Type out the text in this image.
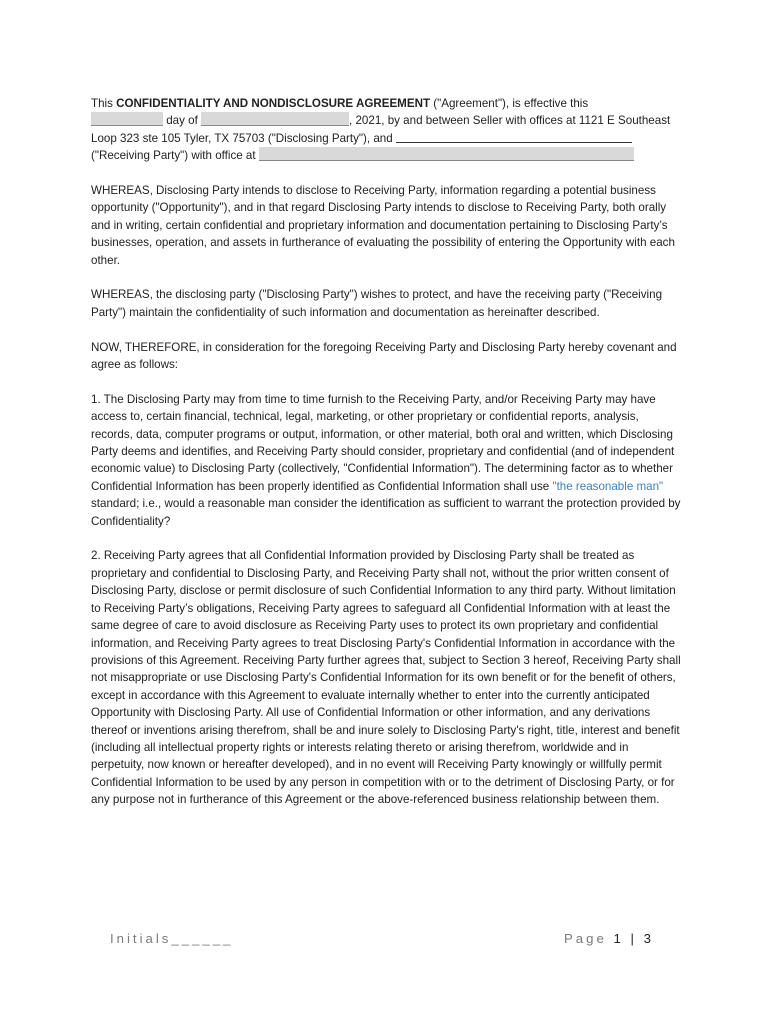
This CONFIDENTIALITY AND NONDISCLOSURE AGREEMENT ("Agreement"), is effective this
day of	, 2021, by and between Seller with offices at 1121 E Southeast Loop 323 ste 105 Tyler, TX 75703 ("Disclosing Party"), and
("Receiving Party") with office at

WHEREAS, Disclosing Party intends to disclose to Receiving Party, information regarding a potential business opportunity ("Opportunity"), and in that regard Disclosing Party intends to disclose to Receiving Party, both orally and in writing, certain confidential and proprietary information and documentation pertaining to Disclosing Party’s businesses, operation, and assets in furtherance of evaluating the possibility of entering the Opportunity with each other.

WHEREAS, the disclosing party ("Disclosing Party") wishes to protect, and have the receiving party ("Receiving Party") maintain the confidentiality of such information and documentation as hereinafter described.

NOW, THEREFORE, in consideration for the foregoing Receiving Party and Disclosing Party hereby covenant and agree as follows:

1. The Disclosing Party may from time to time furnish to the Receiving Party, and/or Receiving Party may have access to, certain financial, technical, legal, marketing, or other proprietary or confidential reports, analysis, records, data, computer programs or output, information, or other material, both oral and written, which Disclosing Party deems and identifies, and Receiving Party should consider, proprietary and confidential (and of independent economic value) to Disclosing Party (collectively, "Confidential Information"). The determining factor as to whether Confidential Information has been properly identified as Confidential Information shall use "the reasonable man" standard; i.e., would a reasonable man consider the identification as sufficient to warrant the protection provided by Confidentiality?

2. Receiving Party agrees that all Confidential Information provided by Disclosing Party shall be treated as proprietary and confidential to Disclosing Party, and Receiving Party shall not, without the prior written consent of Disclosing Party, disclose or permit disclosure of such Confidential Information to any third party. Without limitation to Receiving Party’s obligations, Receiving Party agrees to safeguard all Confidential Information with at least the same degree of care to avoid disclosure as Receiving Party uses to protect its own proprietary and confidential information, and Receiving Party agrees to treat Disclosing Party's Confidential Information in accordance with the provisions of this Agreement. Receiving Party further agrees that, subject to Section 3 hereof, Receiving Party shall not misappropriate or use Disclosing Party's Confidential Information for its own benefit or for the benefit of others, except in accordance with this Agreement to evaluate internally whether to enter into the currently anticipated Opportunity with Disclosing Party. All use of Confidential Information or other information, and any derivations thereof or inventions arising therefrom, shall be and inure solely to Disclosing Party's right, title, interest and benefit (including all intellectual property rights or interests relating thereto or arising therefrom, worldwide and in perpetuity, now known or hereafter developed), and in no event will Receiving Party knowingly or willfully permit Confidential Information to be used by any person in competition with or to the detriment of Disclosing Party, or for any purpose not in furtherance of this Agreement or the above-referenced business relationship between them.

Initials______	Page 1 | 3
